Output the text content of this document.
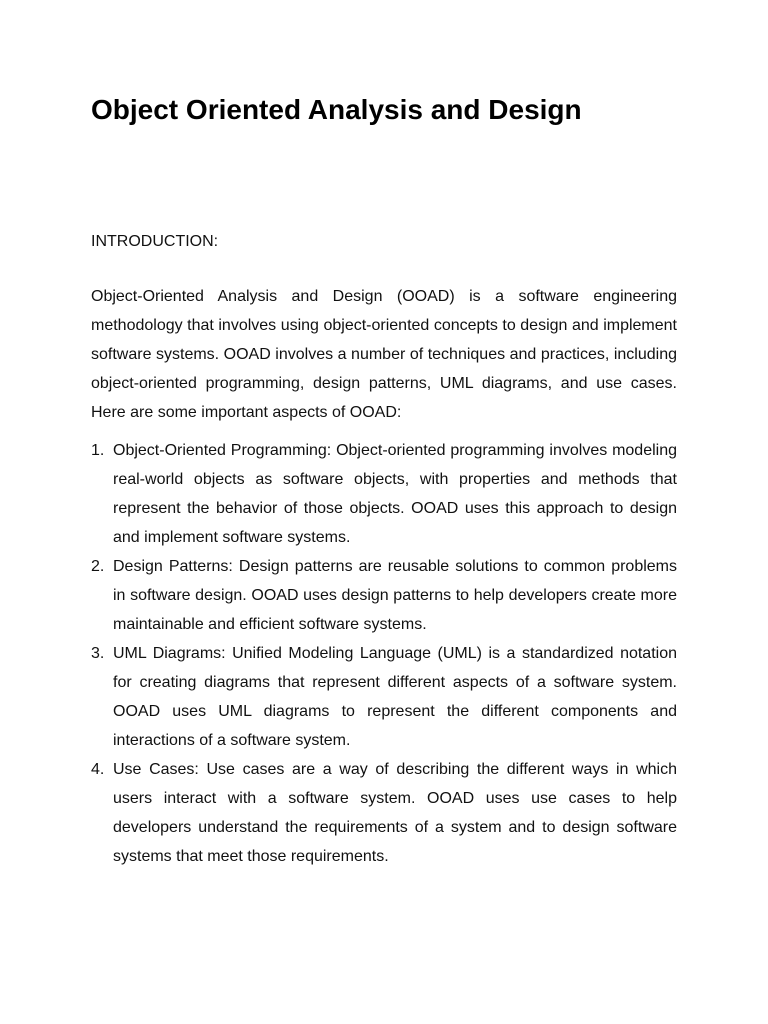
Object Oriented Analysis and Design
INTRODUCTION:

Object-Oriented Analysis and Design (OOAD) is a software engineering methodology that involves using object-oriented concepts to design and implement software systems. OOAD involves a number of techniques and practices, including object-oriented programming, design patterns, UML diagrams, and use cases. Here are some important aspects of OOAD:

1. Object-Oriented Programming: Object-oriented programming involves modeling real-world objects as software objects, with properties and methods that represent the behavior of those objects. OOAD uses this approach to design and implement software systems.
2. Design Patterns: Design patterns are reusable solutions to common problems in software design. OOAD uses design patterns to help developers create more maintainable and efficient software systems.
3. UML Diagrams: Unified Modeling Language (UML) is a standardized notation for creating diagrams that represent different aspects of a software system. OOAD uses UML diagrams to represent the different components and interactions of a software system.
4. Use Cases: Use cases are a way of describing the different ways in which users interact with a software system. OOAD uses use cases to help developers understand the requirements of a system and to design software systems that meet those requirements.
